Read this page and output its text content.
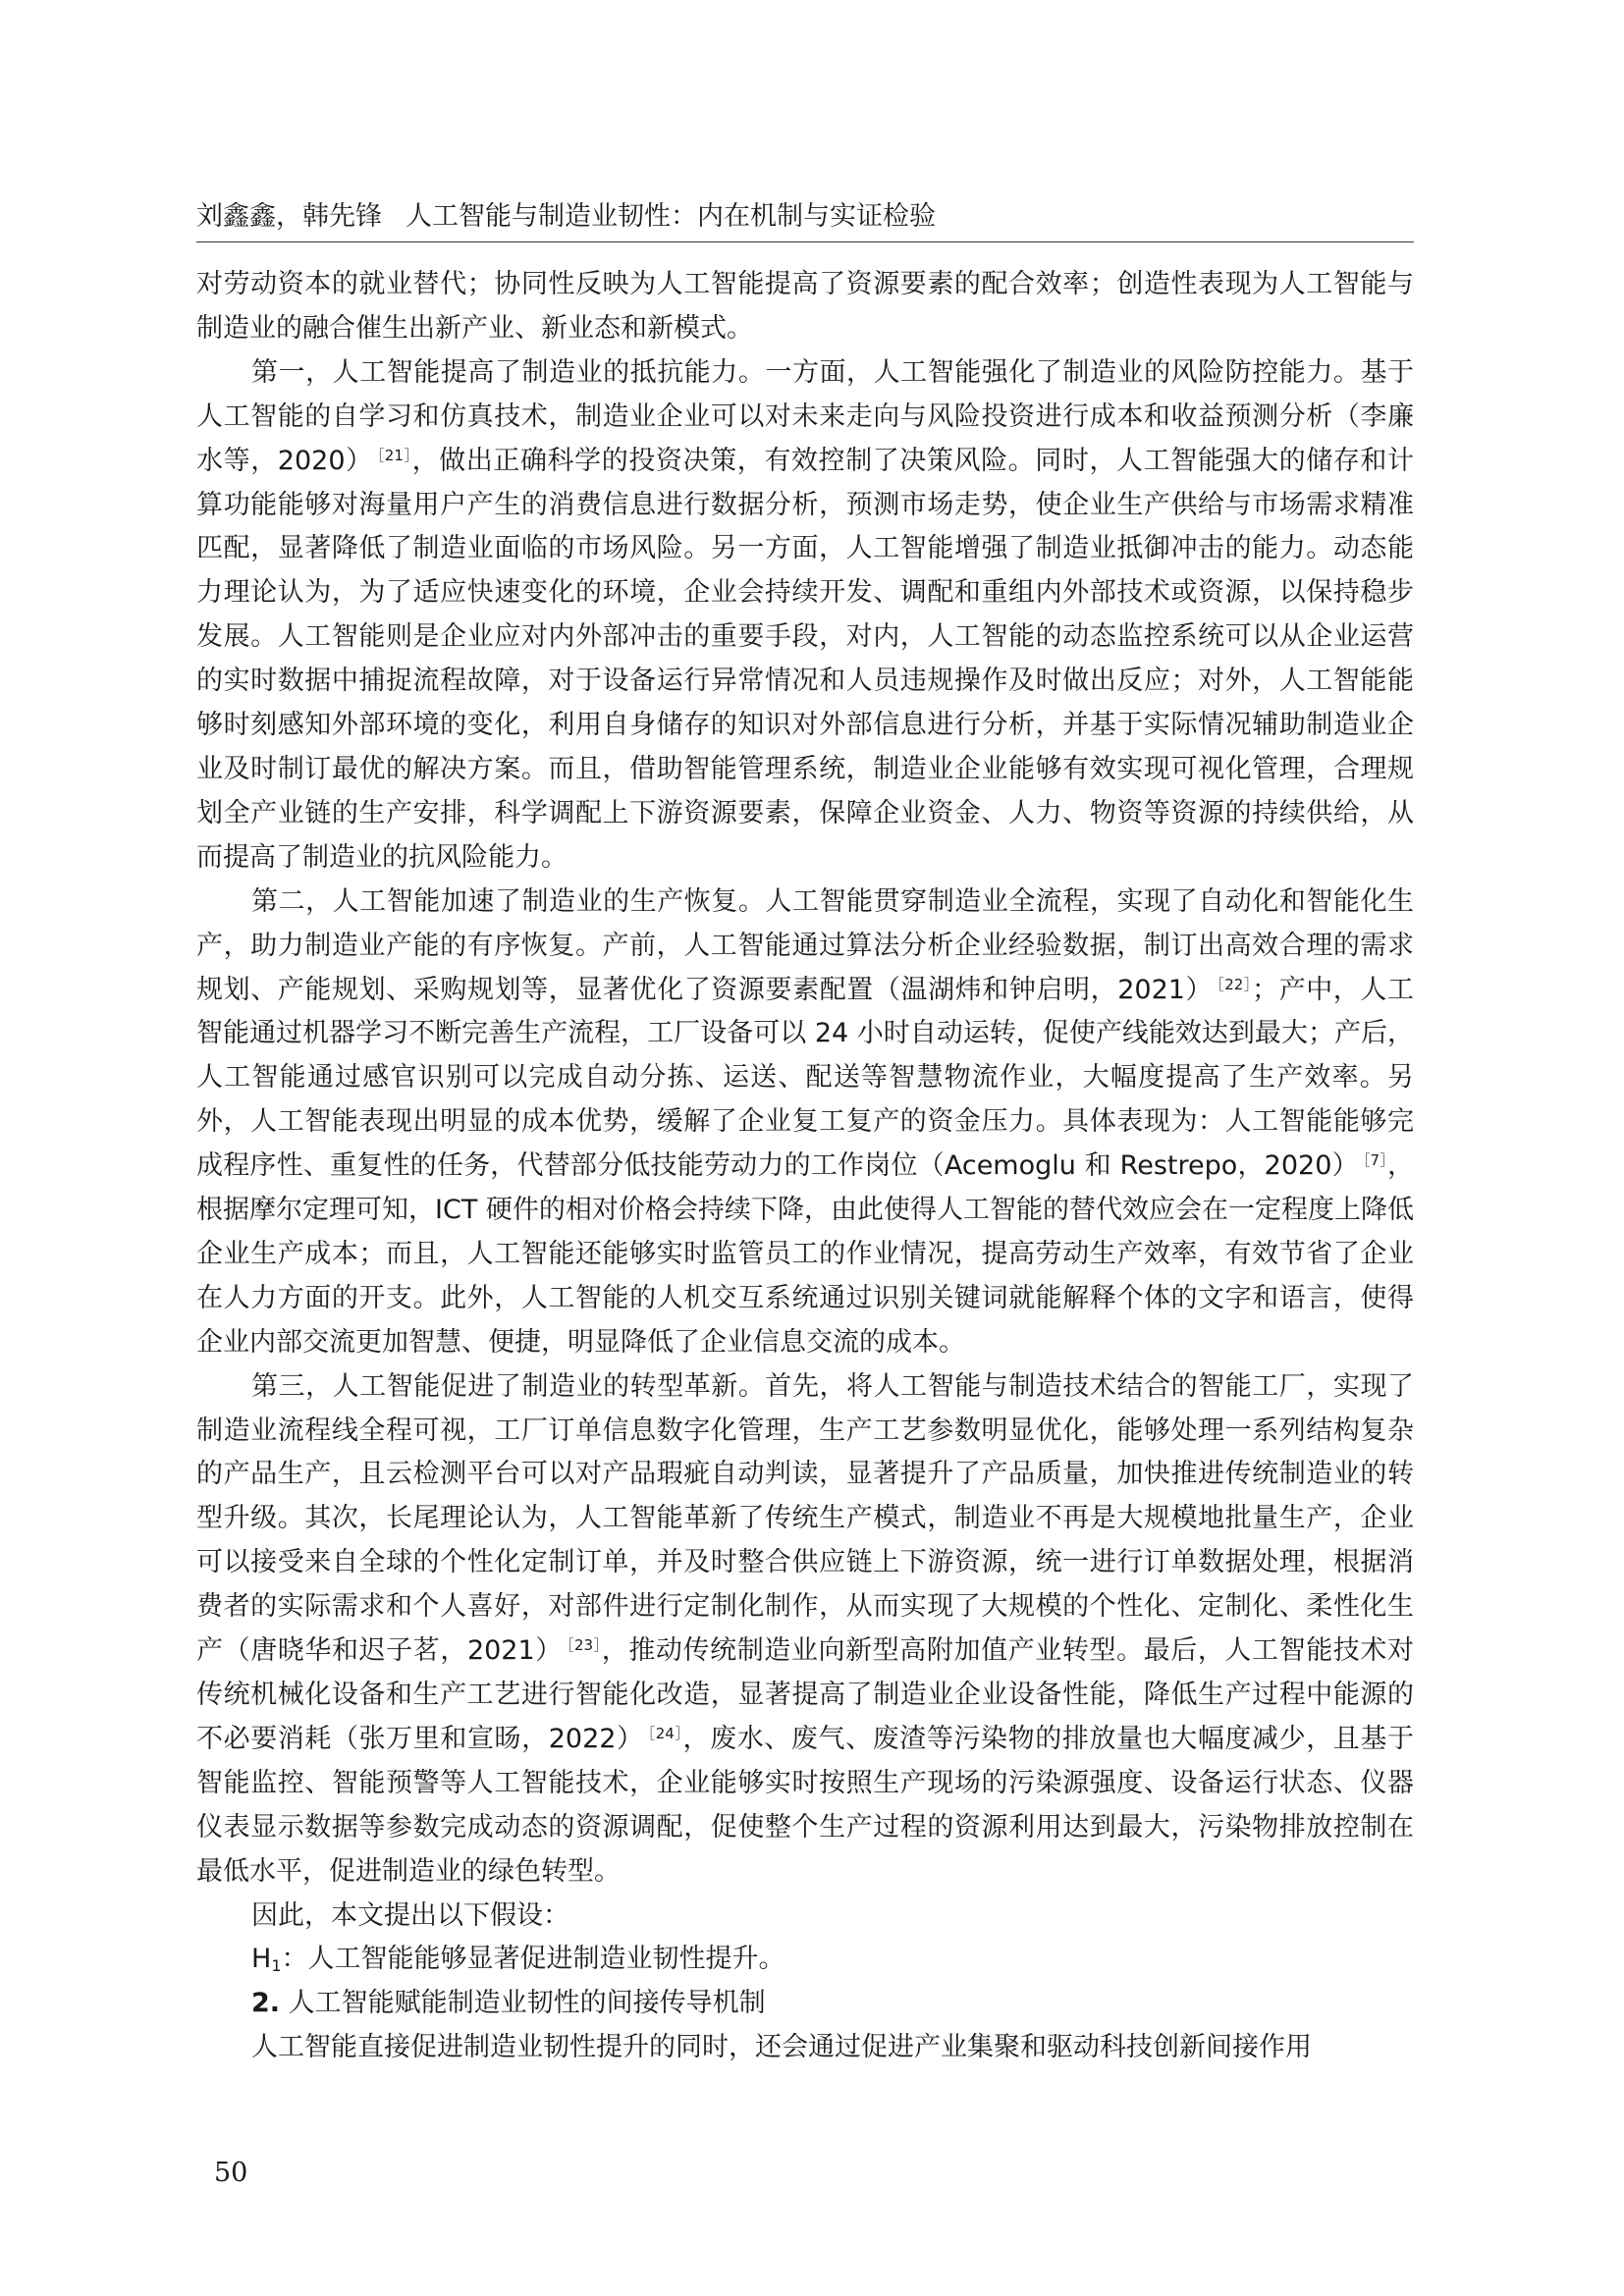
刘鑫鑫，韩先锋 人工智能与制造业韧性：内在机制与实证检验

对劳动资本的就业替代；协同性反映为人工智能提高了资源要素的配合效率；创造性表现为人工智能与制造业的融合催生出新产业、新业态和新模式。

第一，人工智能提高了制造业的抵抗能力。一方面，人工智能强化了制造业的风险防控能力。基于人工智能的自学习和仿真技术，制造业企业可以对未来走向与风险投资进行成本和收益预测分析（李廉水等，2020） $^{[21]}$，做出正确科学的投资决策，有效控制了决策风险。同时，人工智能强大的储存和计算功能能够对海量用户产生的消费信息进行数据分析，预测市场走势，使企业生产供给与市场需求精准匹配，显著降低了制造业面临的市场风险。另一方面，人工智能增强了制造业抵御冲击的能力。动态能力理论认为，为了适应快速变化的环境，企业会持续开发、调配和重组内外部技术或资源，以保持稳步发展。人工智能则是企业应对内外部冲击的重要手段，对内，人工智能的动态监控系统可以从企业运营的实时数据中捕捉流程故障，对于设备运行异常情况和人员违规操作及时做出反应；对外，人工智能能够时刻感知外部环境的变化，利用自身储存的知识对外部信息进行分析，并基于实际情况辅助制造业企业及时制订最优的解决方案。而且，借助智能管理系统，制造业企业能够有效实现可视化管理，合理规划全产业链的生产安排，科学调配上下游资源要素，保障企业资金、人力、物资等资源的持续供给，从而提高了制造业的抗风险能力。

第二，人工智能加速了制造业的生产恢复。人工智能贯穿制造业全流程，实现了自动化和智能化生产，助力制造业产能的有序恢复。产前，人工智能通过算法分析企业经验数据，制订出高效合理的需求规划、产能规划、采购规划等，显著优化了资源要素配置（温湖炜和钟启明，2021） $^{[22]}$；产中，人工智能通过机器学习不断完善生产流程，工厂设备可以 24 小时自动运转，促使产线能效达到最大；产后，人工智能通过感官识别可以完成自动分拣、运送、配送等智慧物流作业，大幅度提高了生产效率。另外，人工智能表现出明显的成本优势，缓解了企业复工复产的资金压力。具体表现为：人工智能能够完成程序性、重复性的任务，代替部分低技能劳动力的工作岗位（Acemoglu 和 Restrepo，2020） $^{[7]}$，根据摩尔定理可知，ICT 硬件的相对价格会持续下降，由此使得人工智能的替代效应会在一定程度上降低企业生产成本；而且，人工智能还能够实时监管员工的作业情况，提高劳动生产效率，有效节省了企业在人力方面的开支。此外，人工智能的人机交互系统通过识别关键词就能解释个体的文字和语言，使得企业内部交流更加智慧、便捷，明显降低了企业信息交流的成本。

第三，人工智能促进了制造业的转型革新。首先，将人工智能与制造技术结合的智能工厂，实现了制造业流程线全程可视，工厂订单信息数字化管理，生产工艺参数明显优化，能够处理一系列结构复杂的产品生产，且云检测平台可以对产品瑕疵自动判读，显著提升了产品质量，加快推进传统制造业的转型升级。其次，长尾理论认为，人工智能革新了传统生产模式，制造业不再是大规模地批量生产，企业可以接受来自全球的个性化定制订单，并及时整合供应链上下游资源，统一进行订单数据处理，根据消费者的实际需求和个人喜好，对部件进行定制化制作，从而实现了大规模的个性化、定制化、柔性化生产（唐晓华和迟子茗，2021） $^{[23]}$，推动传统制造业向新型高附加值产业转型。最后，人工智能技术对传统机械化设备和生产工艺进行智能化改造，显著提高了制造业企业设备性能，降低生产过程中能源的不必要消耗（张万里和宣旸，2022） $^{[24]}$，废水、废气、废渣等污染物的排放量也大幅度减少，且基于智能监控、智能预警等人工智能技术，企业能够实时按照生产现场的污染源强度、设备运行状态、仪器仪表显示数据等参数完成动态的资源调配，促使整个生产过程的资源利用达到最大，污染物排放控制在最低水平，促进制造业的绿色转型。

因此，本文提出以下假设：

$H_1$：人工智能能够显著促进制造业韧性提升。

2. 人工智能赋能制造业韧性的间接传导机制

人工智能直接促进制造业韧性提升的同时，还会通过促进产业集聚和驱动科技创新间接作用

50
